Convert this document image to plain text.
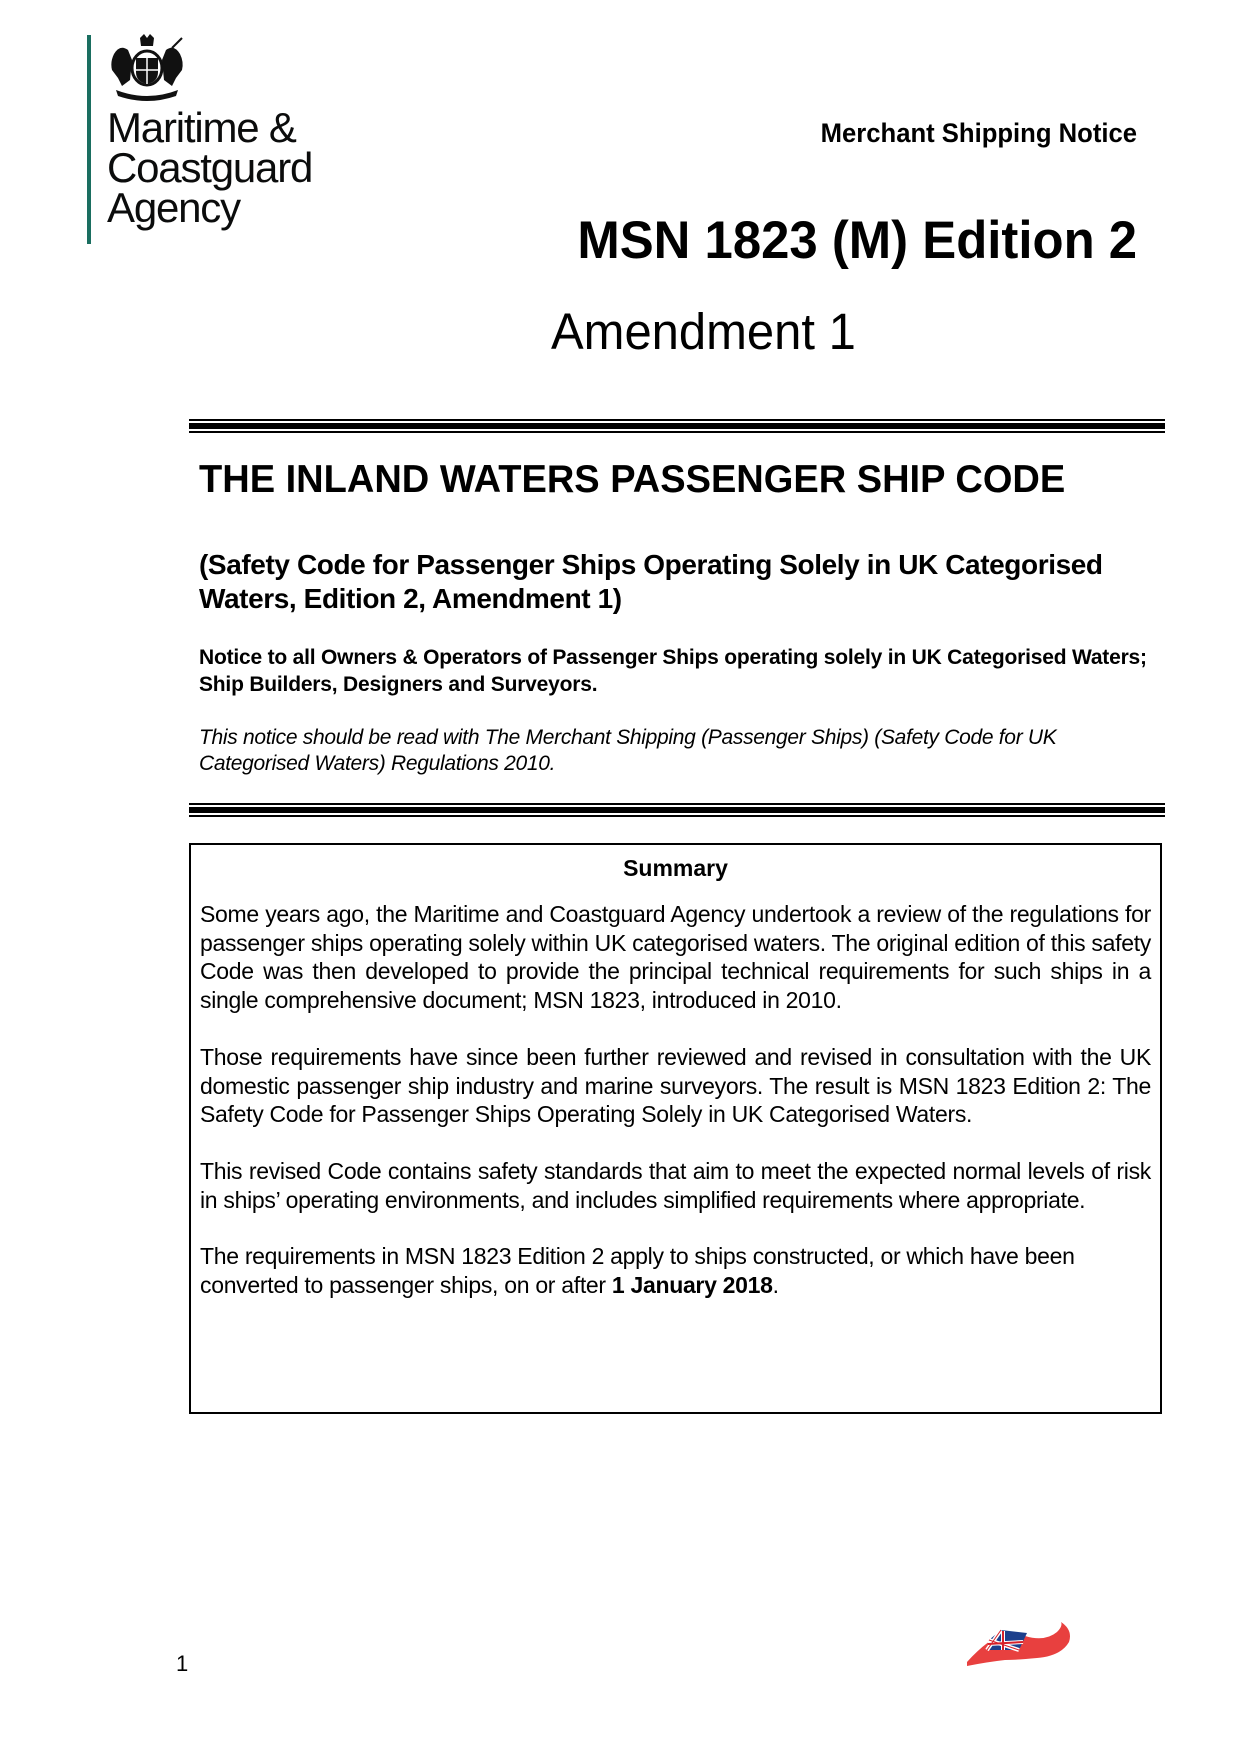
Maritime &
Coastguard
Agency
Merchant Shipping Notice
MSN 1823 (M) Edition 2
Amendment 1
THE INLAND WATERS PASSENGER SHIP CODE
(Safety Code for Passenger Ships Operating Solely in UK Categorised Waters, Edition 2, Amendment 1)
Notice to all Owners & Operators of Passenger Ships operating solely in UK Categorised Waters; Ship Builders, Designers and Surveyors.
This notice should be read with The Merchant Shipping (Passenger Ships) (Safety Code for UK Categorised Waters) Regulations 2010.
Summary

Some years ago, the Maritime and Coastguard Agency undertook a review of the regulations for passenger ships operating solely within UK categorised waters. The original edition of this safety Code was then developed to provide the principal technical requirements for such ships in a single comprehensive document; MSN 1823, introduced in 2010.

Those requirements have since been further reviewed and revised in consultation with the UK domestic passenger ship industry and marine surveyors. The result is MSN 1823 Edition 2: The Safety Code for Passenger Ships Operating Solely in UK Categorised Waters.

This revised Code contains safety standards that aim to meet the expected normal levels of risk in ships’ operating environments, and includes simplified requirements where appropriate.

The requirements in MSN 1823 Edition 2 apply to ships constructed, or which have been converted to passenger ships, on or after 1 January 2018.

1
